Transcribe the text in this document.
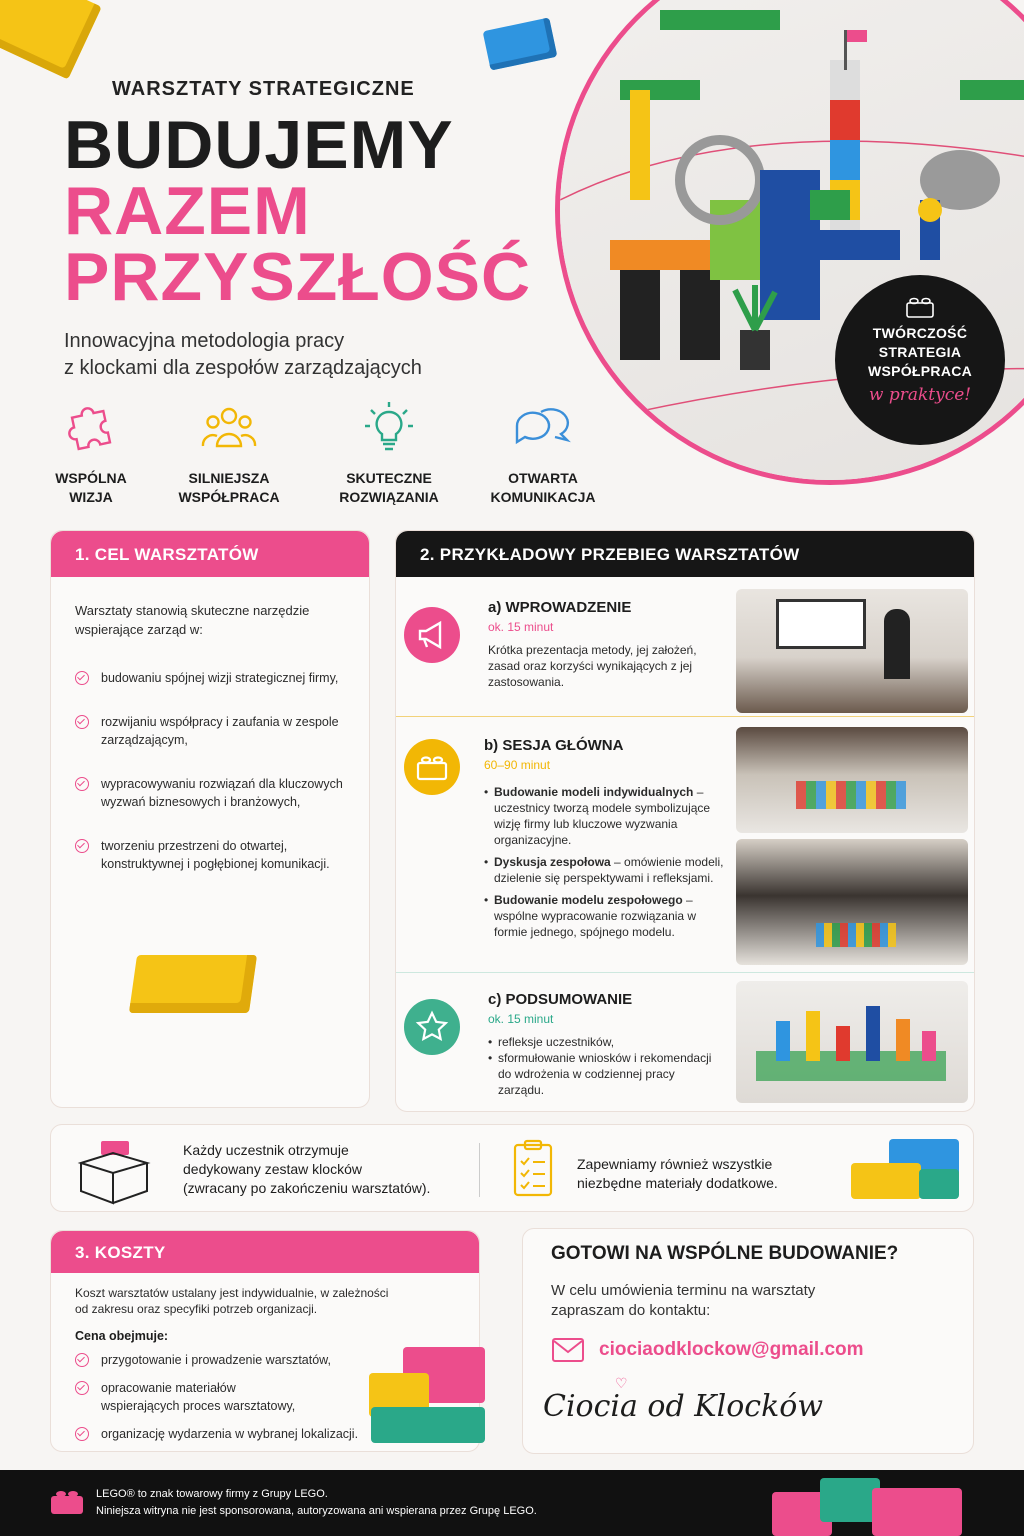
TWÓRCZOŚĆ
STRATEGIA
WSPÓŁPRACA
w praktyce!
WARSZTATY STRATEGICZNE
BUDUJEMY
RAZEM
PRZYSZŁOŚĆ
Innowacyjna metodologia pracy
z klockami dla zespołów zarządzających
WSPÓLNA
WIZJA
SILNIEJSZA
WSPÓŁPRACA
SKUTECZNE
ROZWIĄZANIA
OTWARTA
KOMUNIKACJA
1. CEL WARSZTATÓW

Warsztaty stanowią skuteczne narzędzie wspierające zarząd w:

budowaniu spójnej wizji strategicznej firmy,
rozwijaniu współpracy i zaufania w zespole zarządzającym,
wypracowywaniu rozwiązań dla kluczowych wyzwań biznesowych i branżowych,
tworzeniu przestrzeni do otwartej, konstruktywnej i pogłębionej komunikacji.
2. PRZYKŁADOWY PRZEBIEG WARSZTATÓW
a) WPROWADZENIE
ok. 15 minut

Krótka prezentacja metody, jej założeń, zasad oraz korzyści wynikających z jej zastosowania.

b) SESJA GŁÓWNA
60–90 minut
• Budowanie modeli indywidualnych – uczestnicy tworzą modele symbolizujące wizję firmy lub kluczowe wyzwania organizacyjne.
• Dyskusja zespołowa – omówienie modeli, dzielenie się perspektywami i refleksjami.
• Budowanie modelu zespołowego – wspólne wypracowanie rozwiązania w formie jednego, spójnego modelu.
c) PODSUMOWANIE
ok. 15 minut
• refleksje uczestników,
• sformułowanie wniosków i rekomendacji do wdrożenia w codziennej pracy zarządu.
Każdy uczestnik otrzymuje
dedykowany zestaw klocków
(zwracany po zakończeniu warsztatów).
Zapewniamy również wszystkie niezbędne materiały dodatkowe.
3. KOSZTY

Koszt warsztatów ustalany jest indywidualnie, w zależności od zakresu oraz specyfiki potrzeb organizacji.

Cena obejmuje:

przygotowanie i prowadzenie warsztatów,
opracowanie materiałów wspierających proces warsztatowy,
organizację wydarzenia w wybranej lokalizacji.
GOTOWI NA WSPÓLNE BUDOWANIE?
W celu umówienia terminu na warsztaty zapraszam do kontaktu:
ciociaodklockow@gmail.com
Ciocia od Klocków
♡
LEGO® to znak towarowy firmy z Grupy LEGO.
Niniejsza witryna nie jest sponsorowana, autoryzowana ani wspierana przez Grupę LEGO.
